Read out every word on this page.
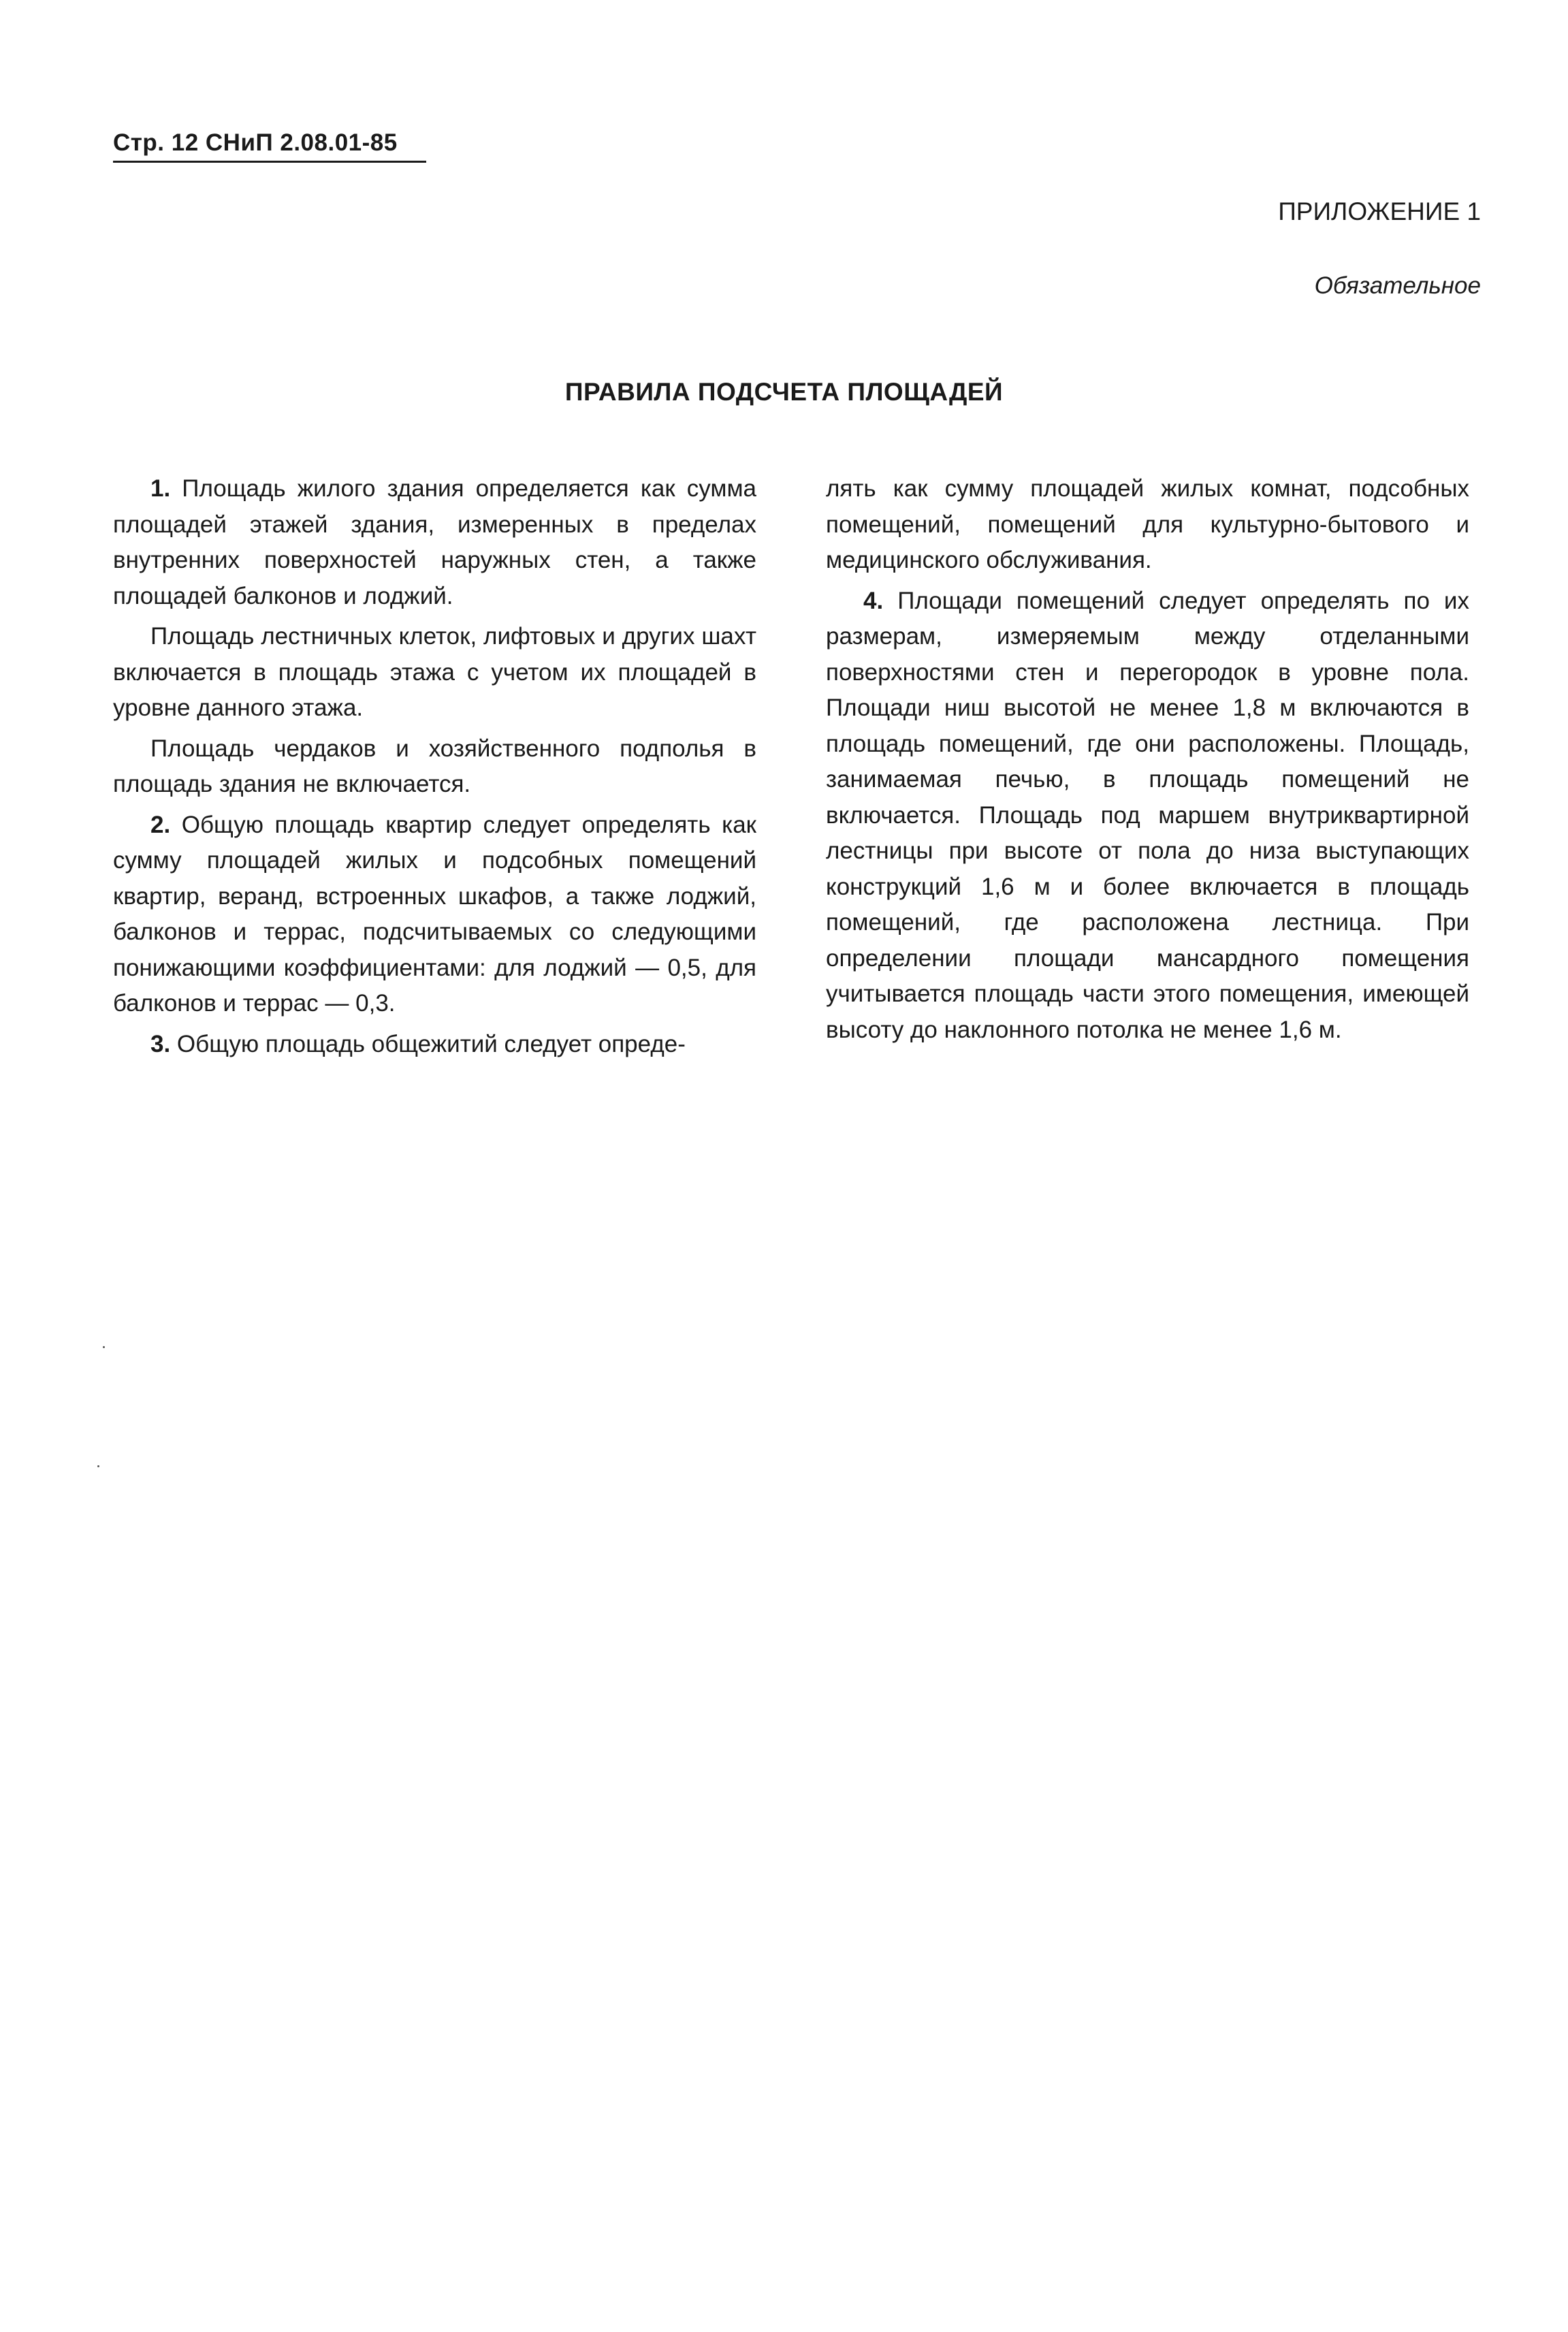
Стр. 12 СНиП 2.08.01-85
ПРИЛОЖЕНИЕ 1
Обязательное
ПРАВИЛА ПОДСЧЕТА ПЛОЩАДЕЙ

1. Площадь жилого здания определяется как сумма площадей этажей здания, измеренных в пределах внутренних поверхностей наружных стен, а также площадей балконов и лоджий.

Площадь лестничных клеток, лифтовых и других шахт включается в площадь этажа с учетом их площадей в уровне данного этажа.

Площадь чердаков и хозяйственного подполья в площадь здания не включается.

2. Общую площадь квартир следует определять как сумму площадей жилых и подсобных помещений квартир, веранд, встроенных шкафов, а также лоджий, балконов и террас, подсчитываемых со следующими понижающими коэффициентами: для лоджий — 0,5, для балконов и террас — 0,3.

3. Общую площадь общежитий следует опреде-

лять как сумму площадей жилых комнат, подсобных помещений, помещений для культурно-бытового и медицинского обслуживания.

4. Площади помещений следует определять по их размерам, измеряемым между отделанными поверхностями стен и перегородок в уровне пола. Площади ниш высотой не менее 1,8 м включаются в площадь помещений, где они расположены. Площадь, занимаемая печью, в площадь помещений не включается. Площадь под маршем внутриквартирной лестницы при высоте от пола до низа выступающих конструкций 1,6 м и более включается в площадь помещений, где расположена лестница. При определении площади мансардного помещения учитывается площадь части этого помещения, имеющей высоту до наклонного потолка не менее 1,6 м.
